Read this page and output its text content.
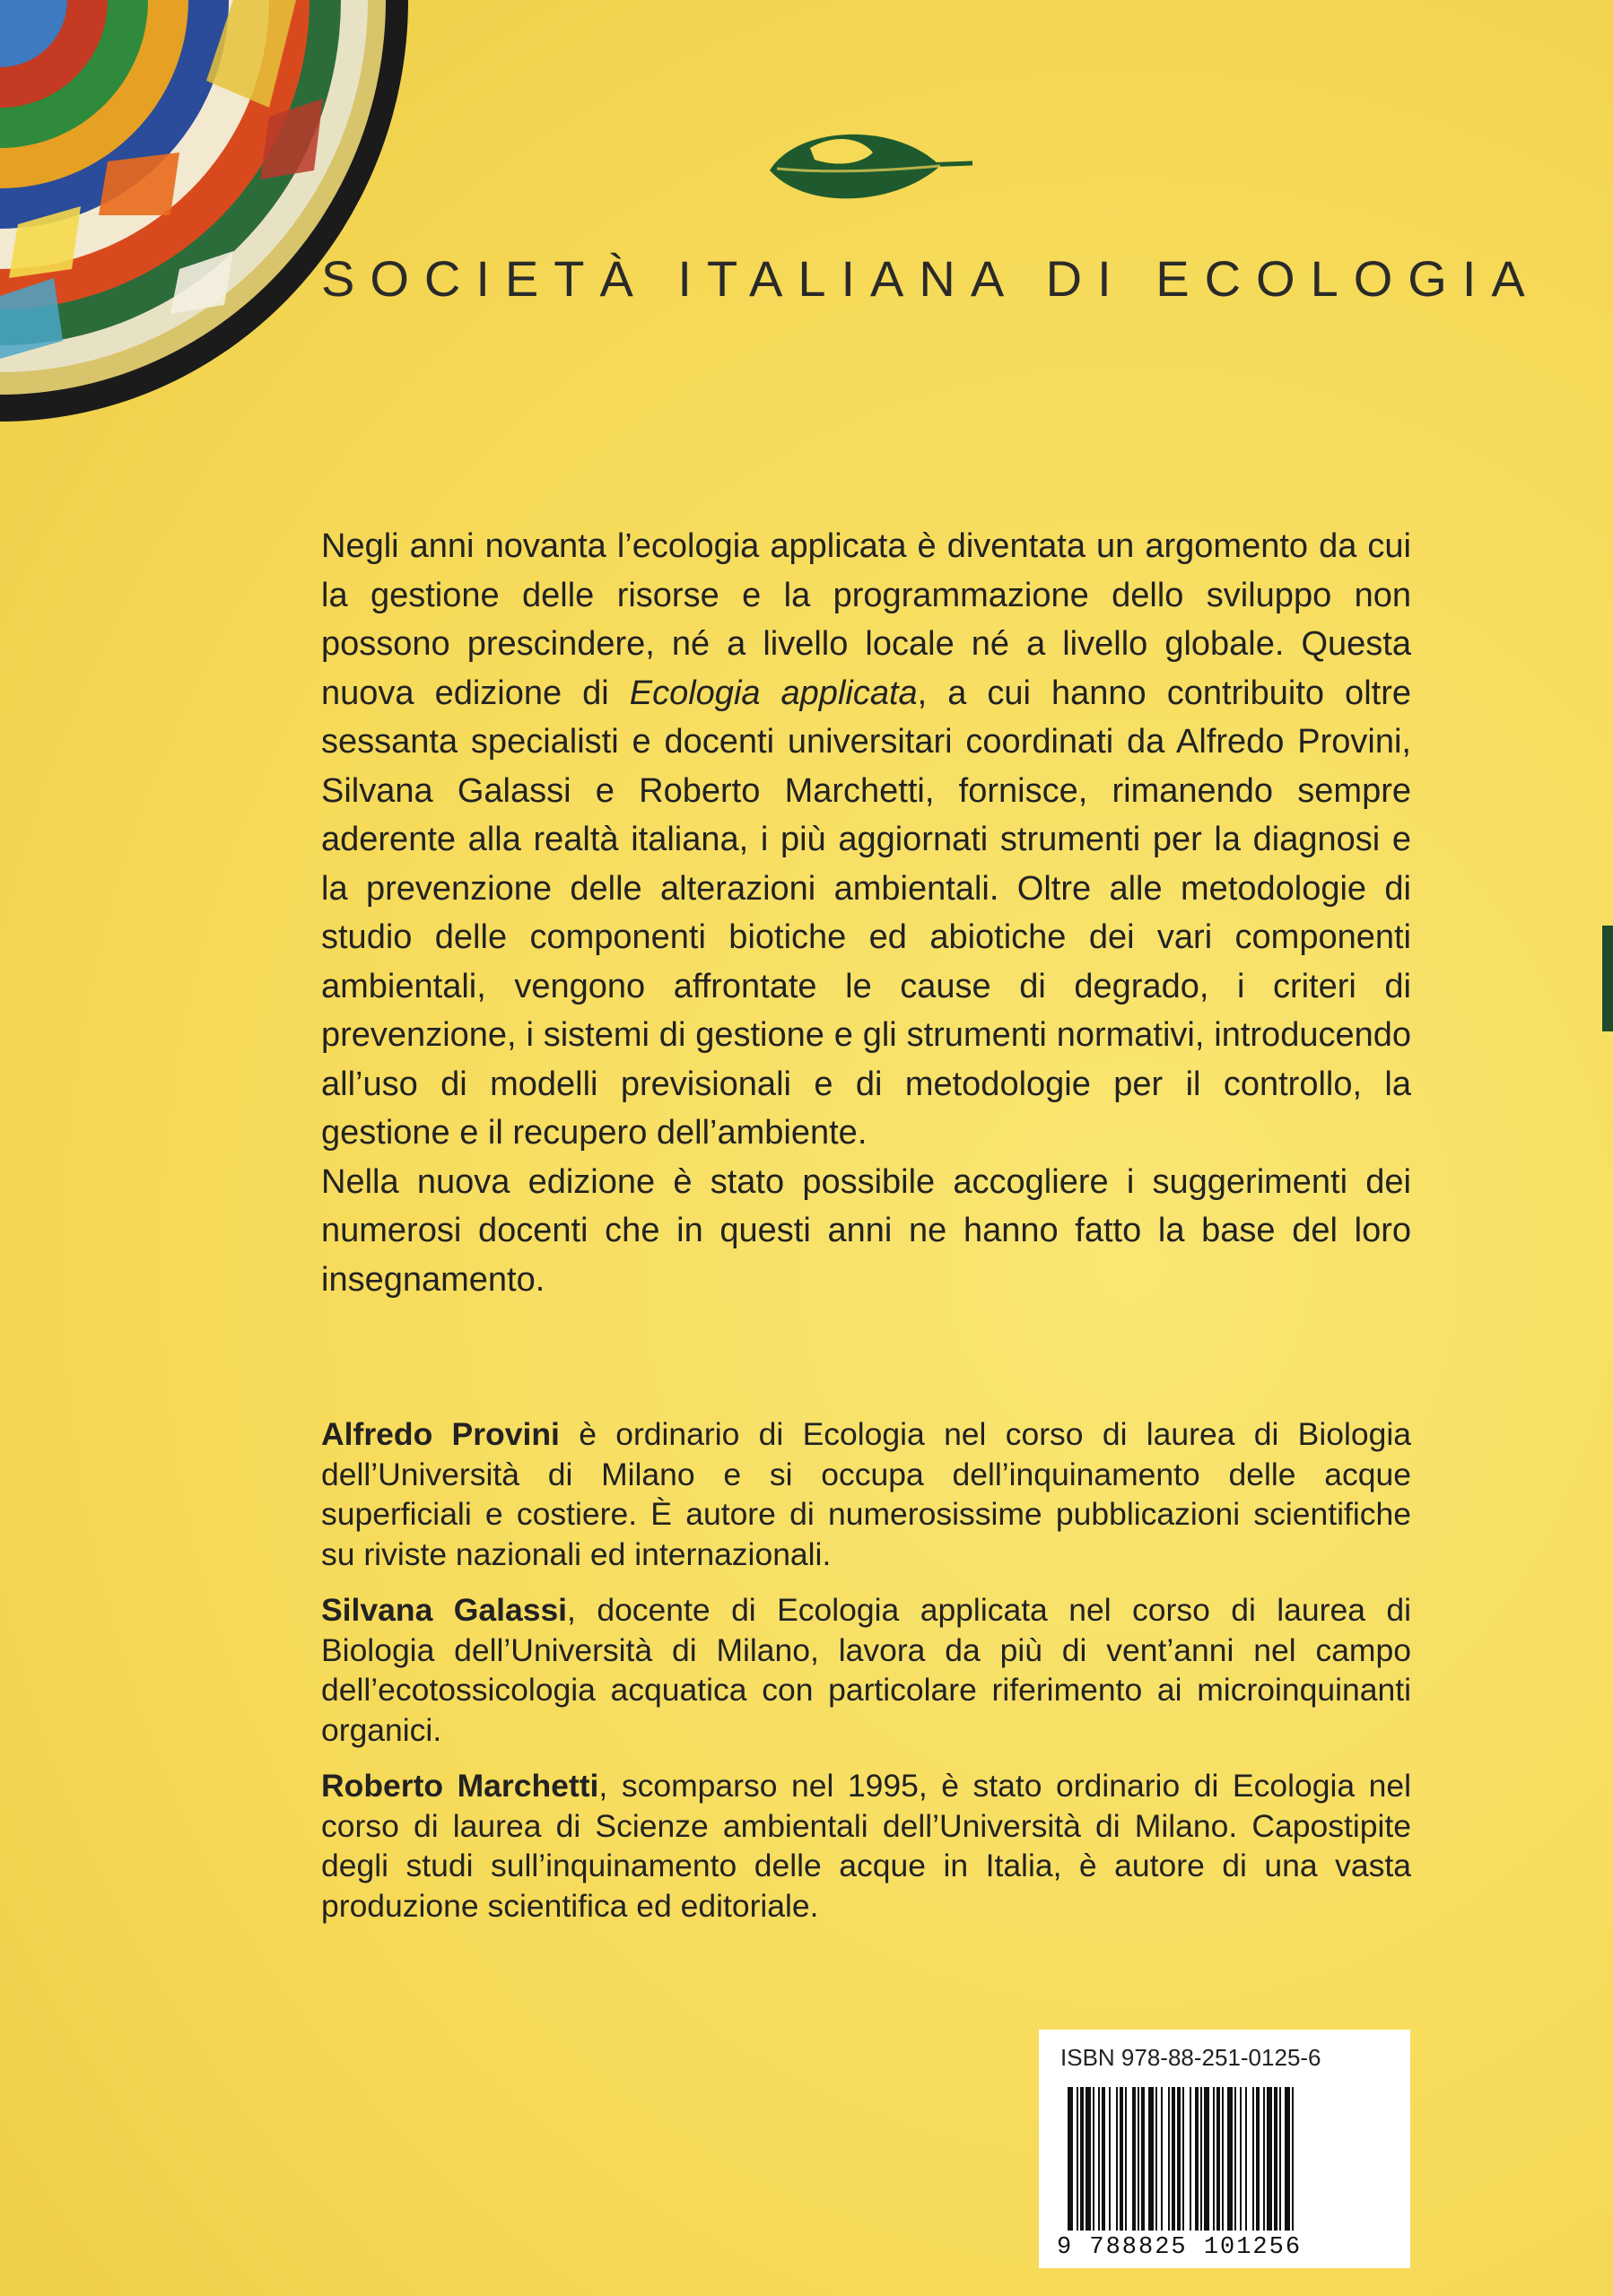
SOCIETÀ ITALIANA DI ECOLOGIA

Negli anni novanta l’ecologia applicata è diventata un argomento da cui la gestione delle risorse e la programmazione dello sviluppo non possono prescindere, né a livello locale né a livello globale. Questa nuova edizione di Ecologia applicata, a cui hanno contribuito oltre sessanta specialisti e docenti universitari coordinati da Alfredo Provini, Silvana Galassi e Roberto Marchetti, fornisce, rimanendo sempre aderente alla realtà italiana, i più aggiornati strumenti per la diagnosi e la prevenzione delle alterazioni ambientali. Oltre alle metodologie di studio delle componenti biotiche ed abiotiche dei vari componenti ambientali, vengono affrontate le cause di degrado, i criteri di prevenzione, i sistemi di gestione e gli strumenti normativi, introducendo all’uso di modelli previsionali e di metodologie per il controllo, la gestione e il recupero dell’ambiente.

Nella nuova edizione è stato possibile accogliere i suggerimenti dei numerosi docenti che in questi anni ne hanno fatto la base del loro insegnamento.

Alfredo Provini è ordinario di Ecologia nel corso di laurea di Biologia dell’Università di Milano e si occupa dell’inquinamento delle acque superficiali e costiere. È autore di numerosissime pubblicazioni scientifiche su riviste nazionali ed internazionali.

Silvana Galassi, docente di Ecologia applicata nel corso di laurea di Biologia dell’Università di Milano, lavora da più di vent’anni nel campo dell’ecotossicologia acquatica con particolare riferimento ai microinquinanti organici.

Roberto Marchetti, scomparso nel 1995, è stato ordinario di Ecologia nel corso di laurea di Scienze ambientali dell’Università di Milano. Capostipite degli studi sull’inquinamento delle acque in Italia, è autore di una vasta produzione scientifica ed editoriale.

ISBN 978-88-251-0125-6
9 788825 101256
